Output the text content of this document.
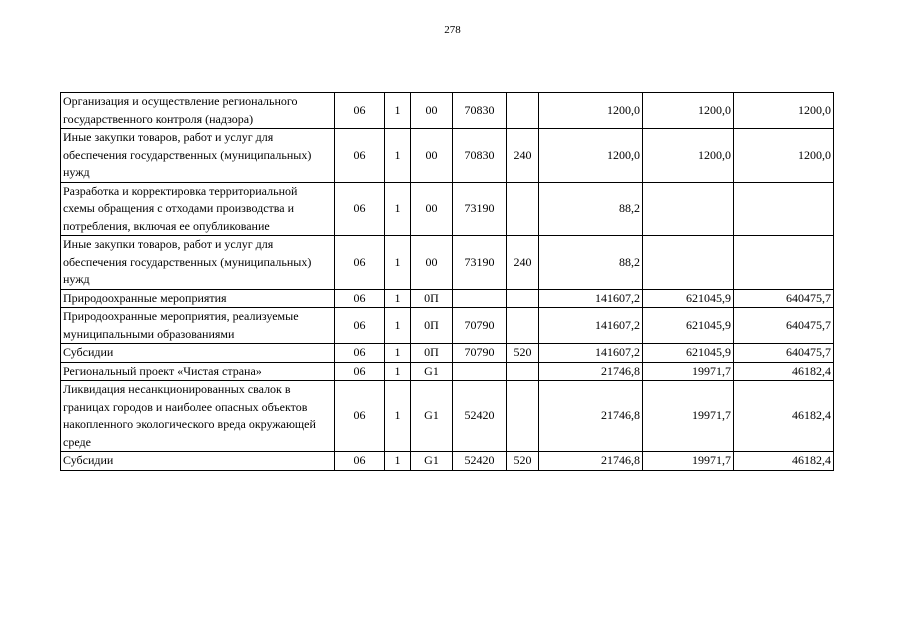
278
Организация и осуществление регионального государственного контроля (надзора)	06	1	00	70830		1200,0	1200,0	1200,0
Иные закупки товаров, работ и услуг для обеспечения государственных (муниципальных) нужд	06	1	00	70830	240	1200,0	1200,0	1200,0
Разработка и корректировка территориальной схемы обращения с отходами производства и потребления, включая ее опубликование	06	1	00	73190		88,2		
Иные закупки товаров, работ и услуг для обеспечения государственных (муниципальных) нужд	06	1	00	73190	240	88,2		
Природоохранные мероприятия	06	1	0П			141607,2	621045,9	640475,7
Природоохранные мероприятия, реализуемые муниципальными образованиями	06	1	0П	70790		141607,2	621045,9	640475,7
Субсидии	06	1	0П	70790	520	141607,2	621045,9	640475,7
Региональный проект «Чистая страна»	06	1	G1			21746,8	19971,7	46182,4
Ликвидация несанкционированных свалок в границах городов и наиболее опасных объектов накопленного экологического вреда окружающей среде	06	1	G1	52420		21746,8	19971,7	46182,4
Субсидии	06	1	G1	52420	520	21746,8	19971,7	46182,4
